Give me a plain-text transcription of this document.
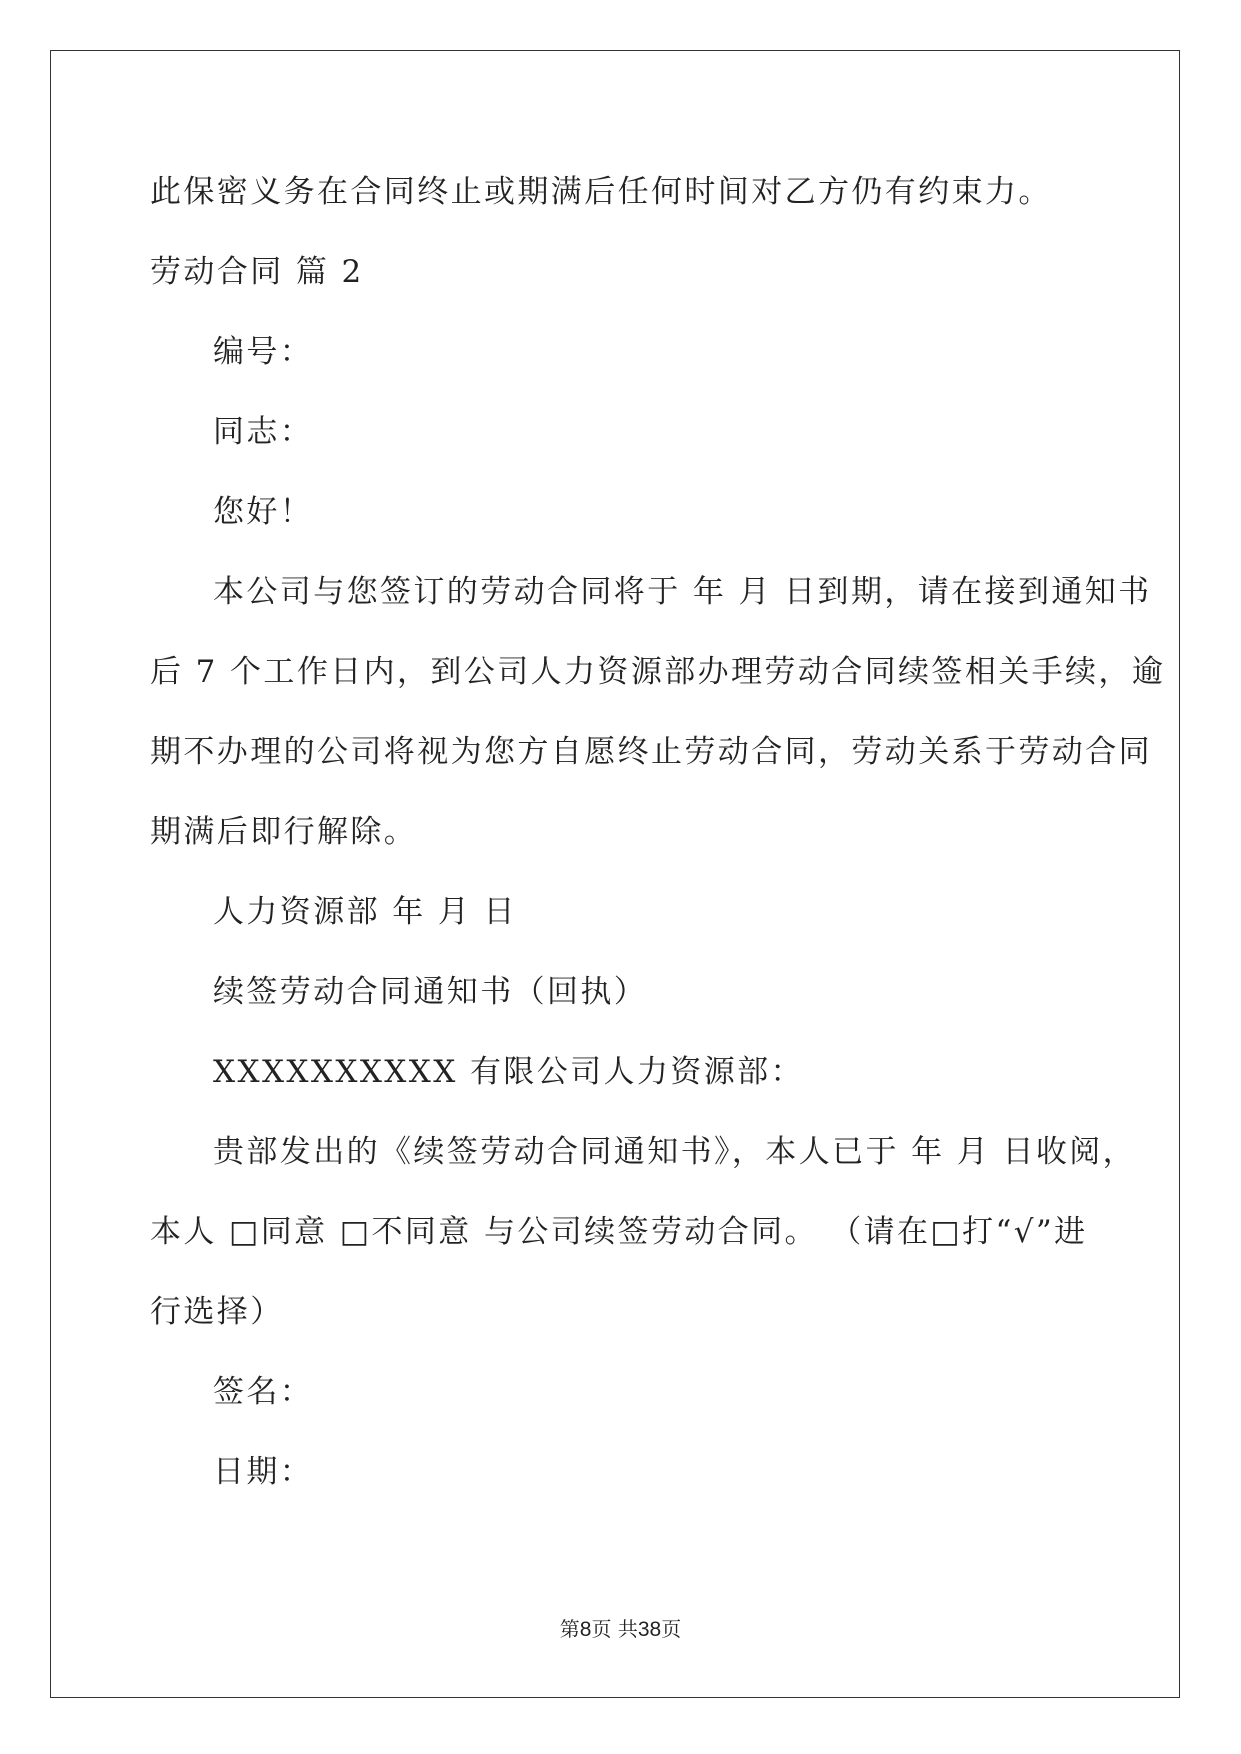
此保密义务在合同终止或期满后任何时间对乙方仍有约束力。
劳动合同 篇 2
编号：
同志：
您好！
本公司与您签订的劳动合同将于 年 月 日到期，请在接到通知书
后 7 个工作日内，到公司人力资源部办理劳动合同续签相关手续，逾
期不办理的公司将视为您方自愿终止劳动合同，劳动关系于劳动合同
期满后即行解除。
人力资源部 年 月 日
续签劳动合同通知书（回执）
XXXXXXXXXX 有限公司人力资源部：
贵部发出的《续签劳动合同通知书》，本人已于 年 月 日收阅，
本人 □同意 □不同意 与公司续签劳动合同。 （请在□打“√”进
行选择）
签名：
日期：
第8页 共38页
